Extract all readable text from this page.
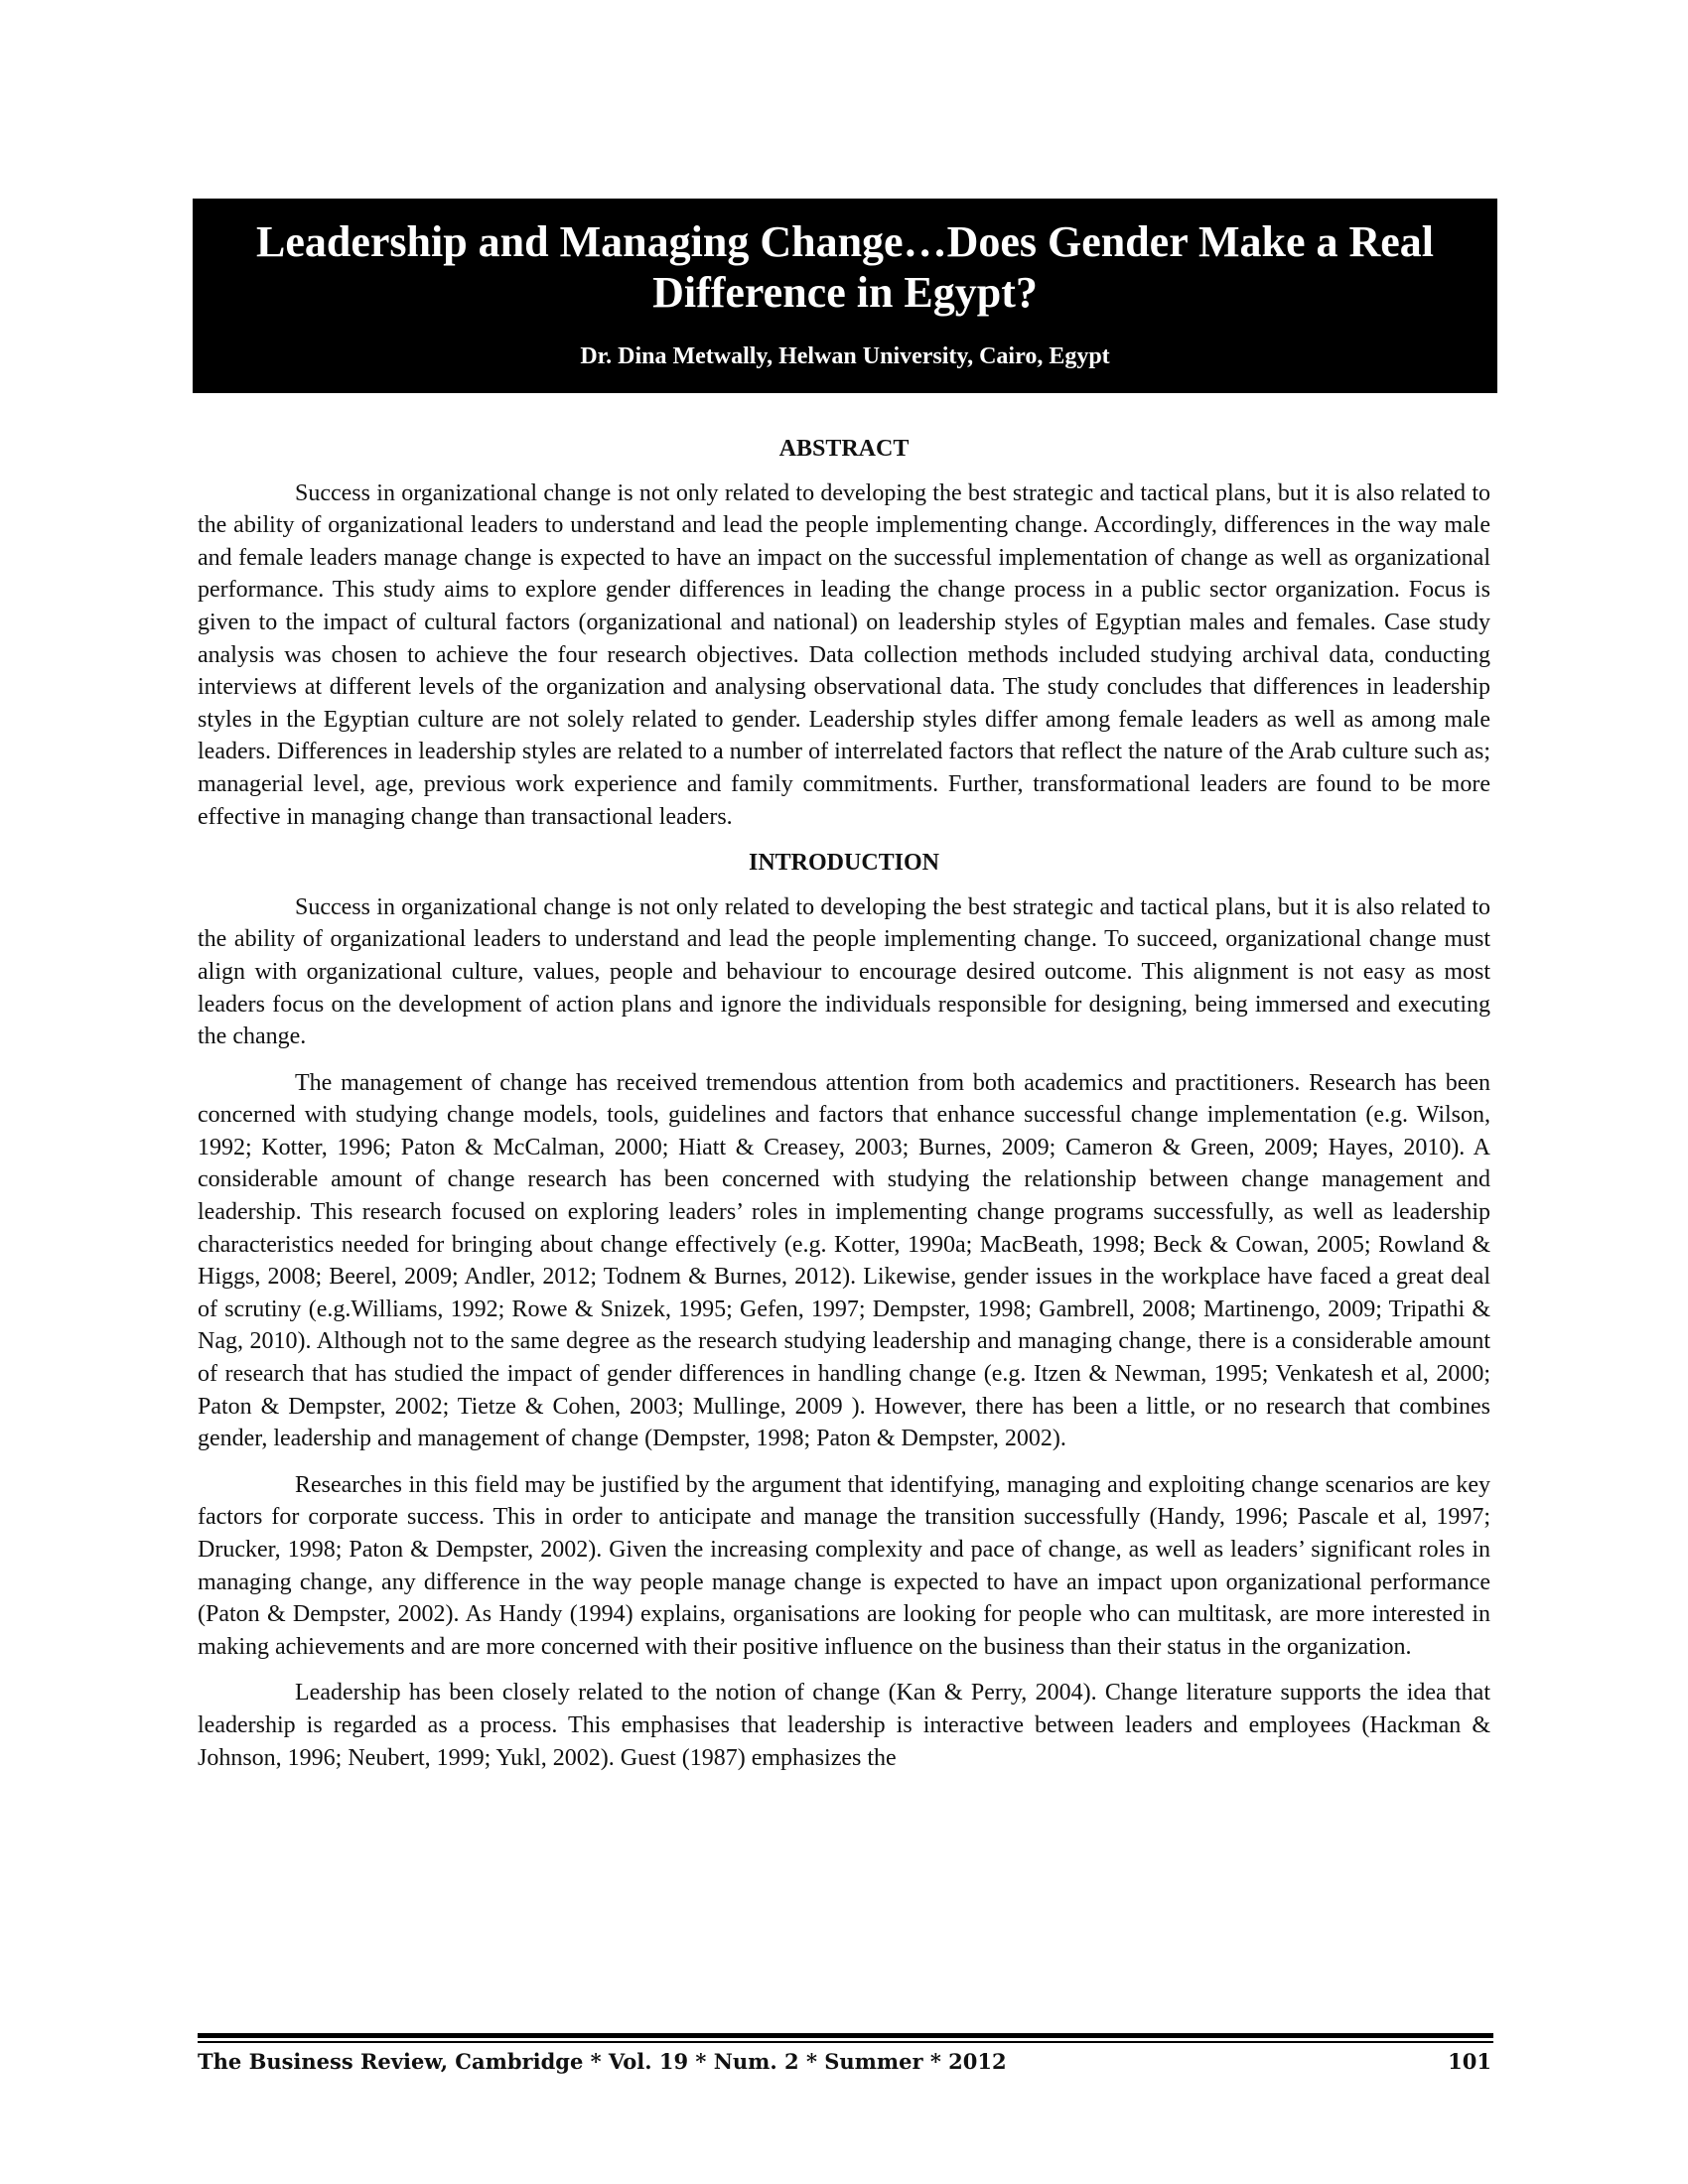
Leadership and Managing Change…Does Gender Make a Real Difference in Egypt?
Dr. Dina Metwally, Helwan University, Cairo, Egypt
ABSTRACT

Success in organizational change is not only related to developing the best strategic and tactical plans, but it is also related to the ability of organizational leaders to understand and lead the people implementing change. Accordingly, differences in the way male and female leaders manage change is expected to have an impact on the successful implementation of change as well as organizational performance. This study aims to explore gender differences in leading the change process in a public sector organization. Focus is given to the impact of cultural factors (organizational and national) on leadership styles of Egyptian males and females. Case study analysis was chosen to achieve the four research objectives. Data collection methods included studying archival data, conducting interviews at different levels of the organization and analysing observational data. The study concludes that differences in leadership styles in the Egyptian culture are not solely related to gender. Leadership styles differ among female leaders as well as among male leaders. Differences in leadership styles are related to a number of interrelated factors that reflect the nature of the Arab culture such as; managerial level, age, previous work experience and family commitments. Further, transformational leaders are found to be more effective in managing change than transactional leaders.

INTRODUCTION

Success in organizational change is not only related to developing the best strategic and tactical plans, but it is also related to the ability of organizational leaders to understand and lead the people implementing change. To succeed, organizational change must align with organizational culture, values, people and behaviour to encourage desired outcome. This alignment is not easy as most leaders focus on the development of action plans and ignore the individuals responsible for designing, being immersed and executing the change.

The management of change has received tremendous attention from both academics and practitioners. Research has been concerned with studying change models, tools, guidelines and factors that enhance successful change implementation (e.g. Wilson, 1992; Kotter, 1996; Paton & McCalman, 2000; Hiatt & Creasey, 2003; Burnes, 2009; Cameron & Green, 2009; Hayes, 2010). A considerable amount of change research has been concerned with studying the relationship between change management and leadership. This research focused on exploring leaders’ roles in implementing change programs successfully, as well as leadership characteristics needed for bringing about change effectively (e.g. Kotter, 1990a; MacBeath, 1998; Beck & Cowan, 2005; Rowland & Higgs, 2008; Beerel, 2009; Andler, 2012; Todnem & Burnes, 2012). Likewise, gender issues in the workplace have faced a great deal of scrutiny (e.g.Williams, 1992; Rowe & Snizek, 1995; Gefen, 1997; Dempster, 1998; Gambrell, 2008; Martinengo, 2009; Tripathi & Nag, 2010). Although not to the same degree as the research studying leadership and managing change, there is a considerable amount of research that has studied the impact of gender differences in handling change (e.g. Itzen & Newman, 1995; Venkatesh et al, 2000; Paton & Dempster, 2002; Tietze & Cohen, 2003; Mullinge, 2009 ). However, there has been a little, or no research that combines gender, leadership and management of change (Dempster, 1998; Paton & Dempster, 2002).

Researches in this field may be justified by the argument that identifying, managing and exploiting change scenarios are key factors for corporate success. This in order to anticipate and manage the transition successfully (Handy, 1996; Pascale et al, 1997; Drucker, 1998; Paton & Dempster, 2002). Given the increasing complexity and pace of change, as well as leaders’ significant roles in managing change, any difference in the way people manage change is expected to have an impact upon organizational performance (Paton & Dempster, 2002). As Handy (1994) explains, organisations are looking for people who can multitask, are more interested in making achievements and are more concerned with their positive influence on the business than their status in the organization.

Leadership has been closely related to the notion of change (Kan & Perry, 2004). Change literature supports the idea that leadership is regarded as a process. This emphasises that leadership is interactive between leaders and employees (Hackman & Johnson, 1996; Neubert, 1999; Yukl, 2002). Guest (1987) emphasizes the

The Business Review, Cambridge * Vol. 19 * Num. 2 * Summer * 2012	101
